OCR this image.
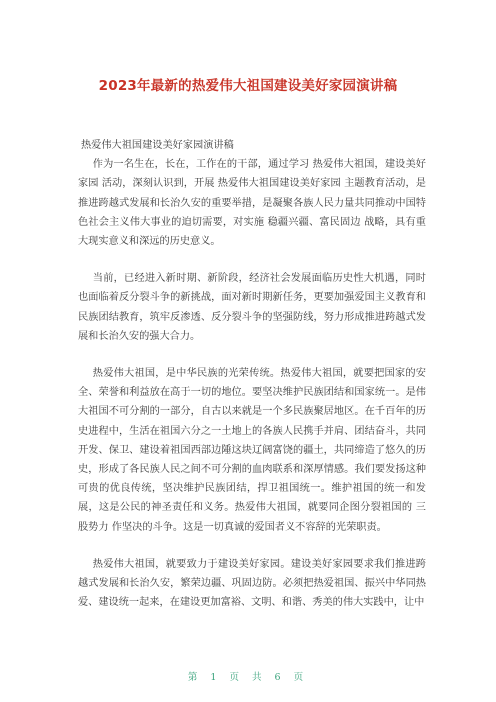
2023年最新的热爱伟大祖国建设美好家园演讲稿

热爱伟大祖国建设美好家园演讲稿

作为一名生在，长在，工作在的干部，通过学习 热爱伟大祖国，建设美好家园 活动，深刻认识到，开展 热爱伟大祖国建设美好家园 主题教育活动，是推进跨越式发展和长治久安的重要举措，是凝聚各族人民力量共同推动中国特色社会主义伟大事业的迫切需要，对实施 稳疆兴疆、富民固边 战略，具有重大现实意义和深远的历史意义。

当前，已经进入新时期、新阶段，经济社会发展面临历史性大机遇，同时也面临着反分裂斗争的新挑战，面对新时期新任务，更要加强爱国主义教育和民族团结教育，筑牢反渗透、反分裂斗争的坚强防线，努力形成推进跨越式发展和长治久安的强大合力。

热爱伟大祖国，是中华民族的光荣传统。热爱伟大祖国，就要把国家的安全、荣誉和利益放在高于一切的地位。要坚决维护民族团结和国家统一。是伟大祖国不可分割的一部分，自古以来就是一个多民族聚居地区。在千百年的历史进程中，生活在祖国六分之一土地上的各族人民携手并肩、团结奋斗，共同开发、保卫、建设着祖国西部边陲这块辽阔富饶的疆土，共同缔造了悠久的历史，形成了各民族人民之间不可分割的血肉联系和深厚情感。我们要发扬这种可贵的优良传统，坚决维护民族团结，捍卫祖国统一。维护祖国的统一和发展，这是公民的神圣责任和义务。热爱伟大祖国，就要同企图分裂祖国的 三股势力 作坚决的斗争。这是一切真诚的爱国者义不容辞的光荣职责。

热爱伟大祖国，就要致力于建设美好家园。建设美好家园要求我们推进跨越式发展和长治久安，繁荣边疆、巩固边防。必须把热爱祖国、振兴中华同热爱、建设统一起来，在建设更加富裕、文明、和谐、秀美的伟大实践中，让中

第 1 页 共 6 页
